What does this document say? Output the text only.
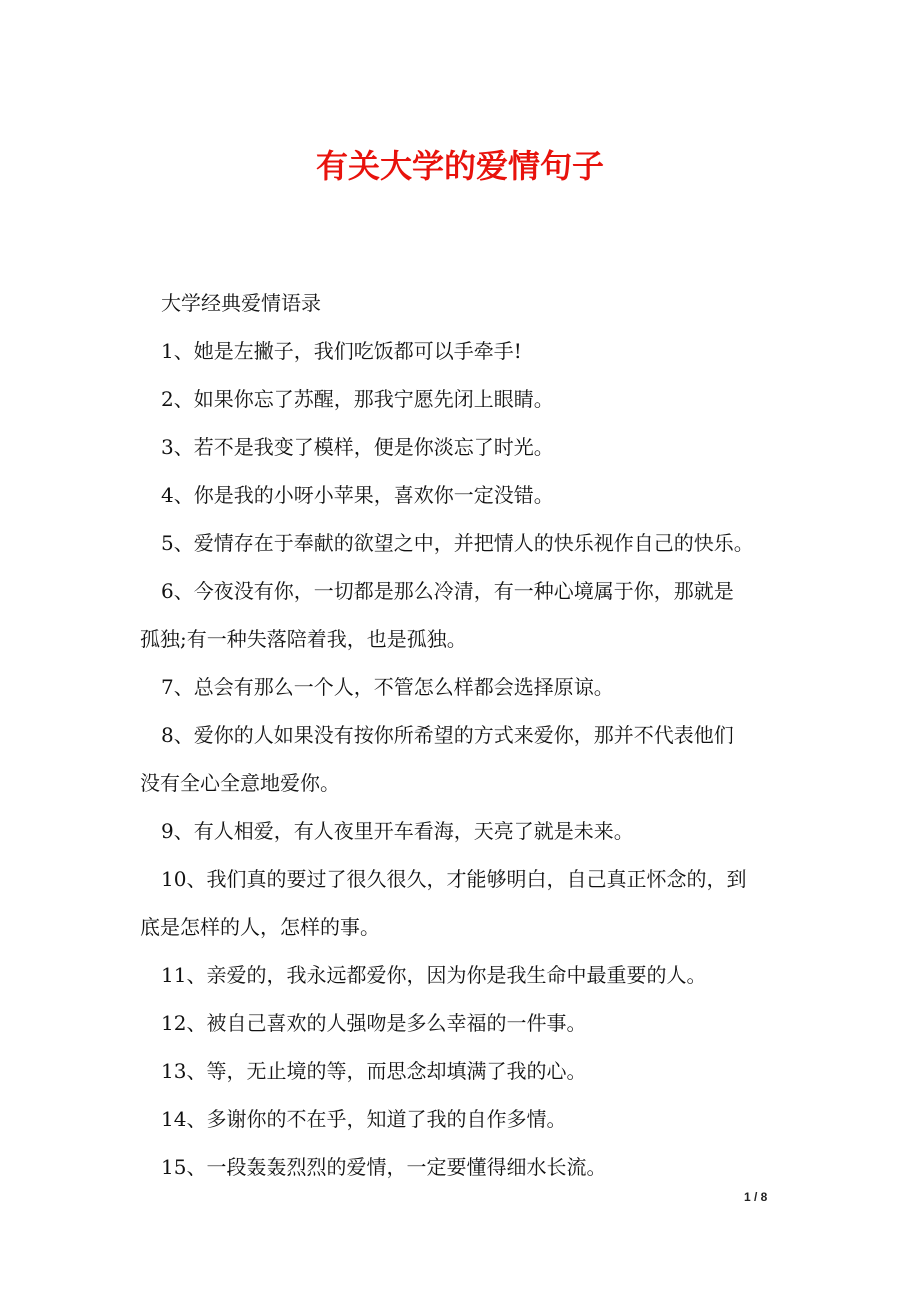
有关大学的爱情句子

大学经典爱情语录

1、她是左撇子，我们吃饭都可以手牵手!

2、如果你忘了苏醒，那我宁愿先闭上眼睛。

3、若不是我变了模样，便是你淡忘了时光。

4、你是我的小呀小苹果，喜欢你一定没错。

5、爱情存在于奉献的欲望之中，并把情人的快乐视作自己的快乐。

6、今夜没有你，一切都是那么冷清，有一种心境属于你，那就是
孤独;有一种失落陪着我，也是孤独。

7、总会有那么一个人，不管怎么样都会选择原谅。

8、爱你的人如果没有按你所希望的方式来爱你，那并不代表他们
没有全心全意地爱你。

9、有人相爱，有人夜里开车看海，天亮了就是未来。

10、我们真的要过了很久很久，才能够明白，自己真正怀念的，到
底是怎样的人，怎样的事。

11、亲爱的，我永远都爱你，因为你是我生命中最重要的人。

12、被自己喜欢的人强吻是多么幸福的一件事。

13、等，无止境的等，而思念却填满了我的心。

14、多谢你的不在乎，知道了我的自作多情。

15、一段轰轰烈烈的爱情，一定要懂得细水长流。

1 / 8
